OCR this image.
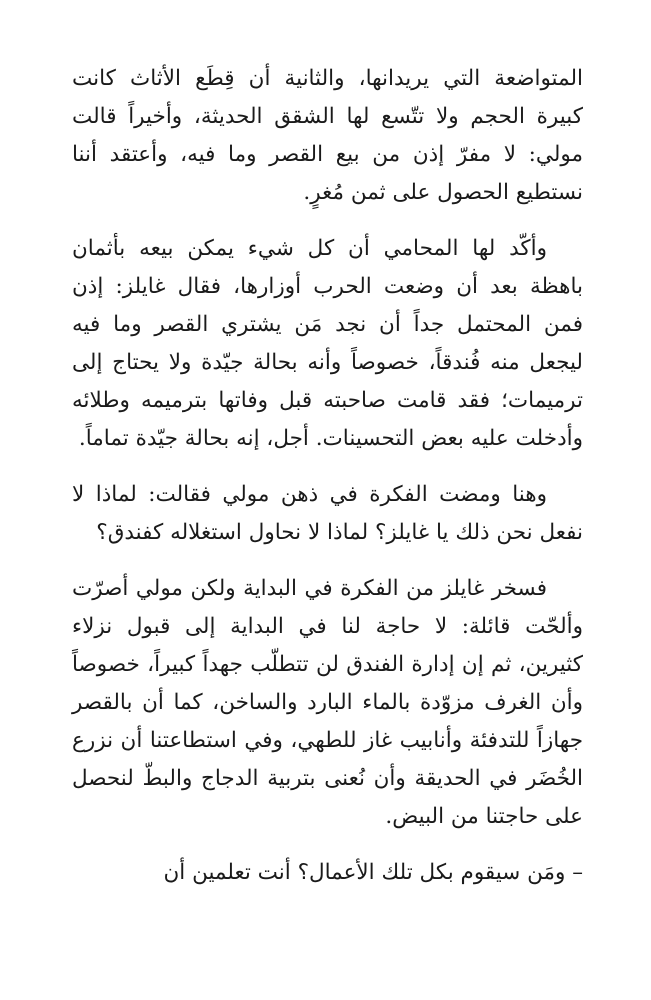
المتواضعة التي يريدانها، والثانية أن قِطَع الأثاث كانت كبيرة الحجم ولا تتّسع لها الشقق الحديثة، وأخيراً قالت مولي: لا مفرّ إذن من بيع القصر وما فيه، وأعتقد أننا نستطيع الحصول على ثمن مُغرٍ.

وأكّد لها المحامي أن كل شيء يمكن بيعه بأثمان باهظة بعد أن وضعت الحرب أوزارها، فقال غايلز: إذن فمن المحتمل جداً أن نجد مَن يشتري القصر وما فيه ليجعل منه فُندقاً، خصوصاً وأنه بحالة جيّدة ولا يحتاج إلى ترميمات؛ فقد قامت صاحبته قبل وفاتها بترميمه وطلائه وأدخلت عليه بعض التحسينات. أجل، إنه بحالة جيّدة تماماً.

وهنا ومضت الفكرة في ذهن مولي فقالت: لماذا لا نفعل نحن ذلك يا غايلز؟ لماذا لا نحاول استغلاله كفندق؟

فسخر غايلز من الفكرة في البداية ولكن مولي أصرّت وألحّت قائلة: لا حاجة لنا في البداية إلى قبول نزلاء كثيرين، ثم إن إدارة الفندق لن تتطلّب جهداً كبيراً، خصوصاً وأن الغرف مزوّدة بالماء البارد والساخن، كما أن بالقصر جهازاً للتدفئة وأنابيب غاز للطهي، وفي استطاعتنا أن نزرع الخُضَر في الحديقة وأن نُعنى بتربية الدجاج والبطّ لنحصل على حاجتنا من البيض.

– ومَن سيقوم بكل تلك الأعمال؟ أنت تعلمين أن
